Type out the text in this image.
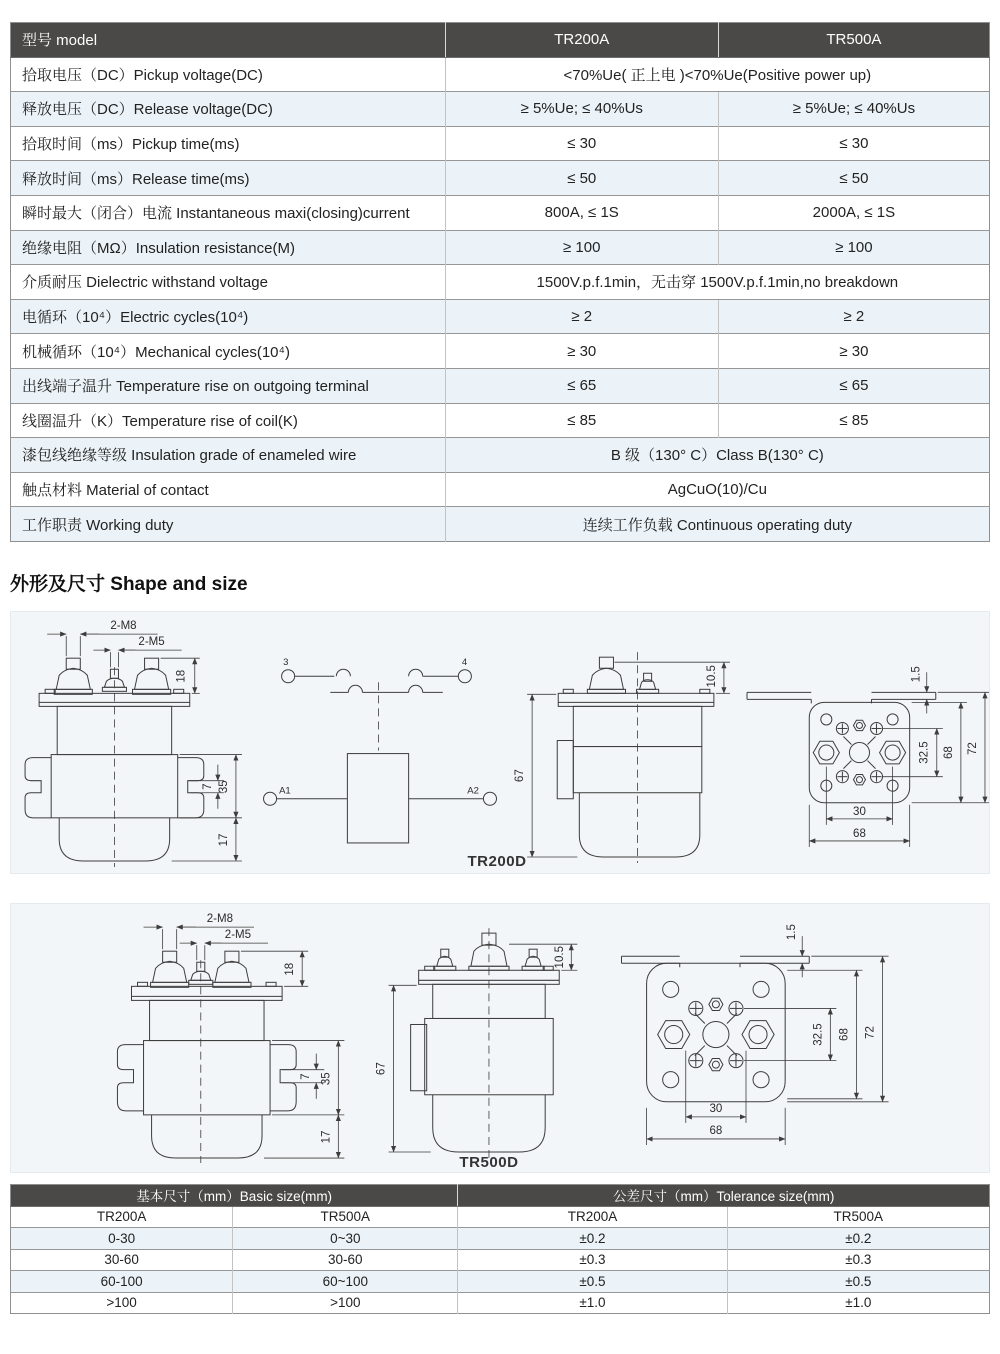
型号 model	TR200A	TR500A
拾取电压（DC）Pickup voltage(DC)	<70%Ue( 正上电 )<70%Ue(Positive power up)	
释放电压（DC）Release voltage(DC)	≥ 5%Ue; ≤ 40%Us	≥ 5%Ue; ≤ 40%Us
拾取时间（ms）Pickup time(ms)	≤ 30	≤ 30
释放时间（ms）Release time(ms)	≤ 50	≤ 50
瞬时最大（闭合）电流 Instantaneous maxi(closing)current	800A, ≤ 1S	2000A, ≤ 1S
绝缘电阻（MΩ）Insulation resistance(M)	≥ 100	≥ 100
介质耐压 Dielectric withstand voltage	1500V.p.f.1min，无击穿 1500V.p.f.1min,no breakdown	
电循环（10⁴）Electric cycles(10⁴)	≥ 2	≥ 2
机械循环（10⁴）Mechanical cycles(10⁴)	≥ 30	≥ 30
出线端子温升 Temperature rise on outgoing terminal	≤ 65	≤ 65
线圈温升（K）Temperature rise of coil(K)	≤ 85	≤ 85
漆包线绝缘等级 Insulation grade of enameled wire	B 级（130° C）Class B(130° C)	
触点材料 Material of contact	AgCuO(10)/Cu	
工作职责 Working duty	连续工作负载 Continuous operating duty	
外形及尺寸 Shape and size
2-M8
2-M5
18
35
7
17
3	4
A1	A2
TR200D
67
10.5	1.5
32.5 68 72
30
68
2-M8
2-M5
18
35
7
17
67
10.5
TR500D
1.5
32.5 68 72
30
68
基本尺寸（mm）Basic size(mm)		公差尺寸（mm）Tolerance size(mm)	
TR200A	TR500A	TR200A	TR500A
0-30	0~30	±0.2	±0.2
30-60	30-60	±0.3	±0.3
60-100	60~100	±0.5	±0.5
>100	>100	±1.0	±1.0
